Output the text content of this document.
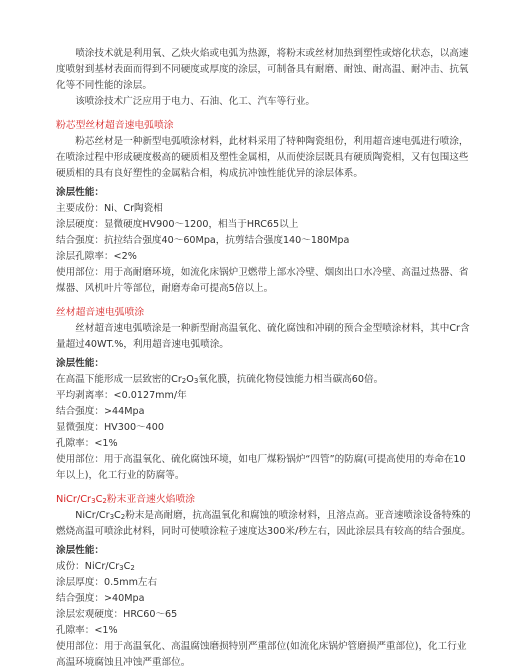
喷涂技术就是利用氧、乙炔火焰或电弧为热源，将粉末或丝材加热到塑性或熔化状态，以高速度喷射到基材表面而得到不同硬度或厚度的涂层，可制备具有耐磨、耐蚀、耐高温、耐冲击、抗氧化等不同性能的涂层。

该喷涂技术广泛应用于电力、石油、化工、汽车等行业。

粉芯型丝材超音速电弧喷涂

粉芯丝材是一种新型电弧喷涂材料，此材料采用了特种陶瓷组份，利用超音速电弧进行喷涂，在喷涂过程中形成硬度极高的硬质相及塑性金属相，从而使涂层既具有硬质陶瓷相，又有包围这些硬质相的具有良好塑性的金属粘合相，构成抗冲蚀性能优异的涂层体系。

涂层性能：

主要成份：Ni、Cr陶瓷相

涂层硬度：显微硬度HV900～1200，相当于HRC65以上

结合强度：抗拉结合强度40～60Mpa，抗剪结合强度140～180Mpa

涂层孔隙率：<2%

使用部位：用于高耐磨环境，如流化床锅炉卫燃带上部水冷壁、烟囱出口水冷壁、高温过热器、省煤器、风机叶片等部位，耐磨寿命可提高5倍以上。

丝材超音速电弧喷涂

丝材超音速电弧喷涂是一种新型耐高温氧化、硫化腐蚀和冲刷的预合金型喷涂材料，其中Cr含量超过40WT.%，利用超音速电弧喷涂。

涂层性能：

在高温下能形成一层致密的$Cr_2O_3$氧化膜，抗硫化物侵蚀能力相当碳高60倍。

平均剥离率：<0.0127mm/年

结合强度：>44Mpa

显微强度：HV300～400

孔隙率：<1%

使用部位：用于高温氧化、硫化腐蚀环境，如电厂煤粉锅炉“四管”的防腐(可提高使用的寿命在10年以上)，化工行业的防腐等。

NiCr/$Cr_3C_2$粉末亚音速火焰喷涂

NiCr/$Cr_3C_2$粉末是高耐磨，抗高温氧化和腐蚀的喷涂材料，且溶点高。亚音速喷涂设备特殊的燃烧高温可喷涂此材料，同时可使喷涂粒子速度达300米/秒左右，因此涂层具有较高的结合强度。

涂层性能：

成份：NiCr/$Cr_3C_2$

涂层厚度：0.5mm左右

结合强度：>40Mpa

涂层宏观硬度：HRC60～65

孔隙率：<1%

使用部位：用于高温氧化、高温腐蚀磨损特别严重部位(如流化床锅炉管磨损严重部位)，化工行业高温环境腐蚀且冲蚀严重部位。
